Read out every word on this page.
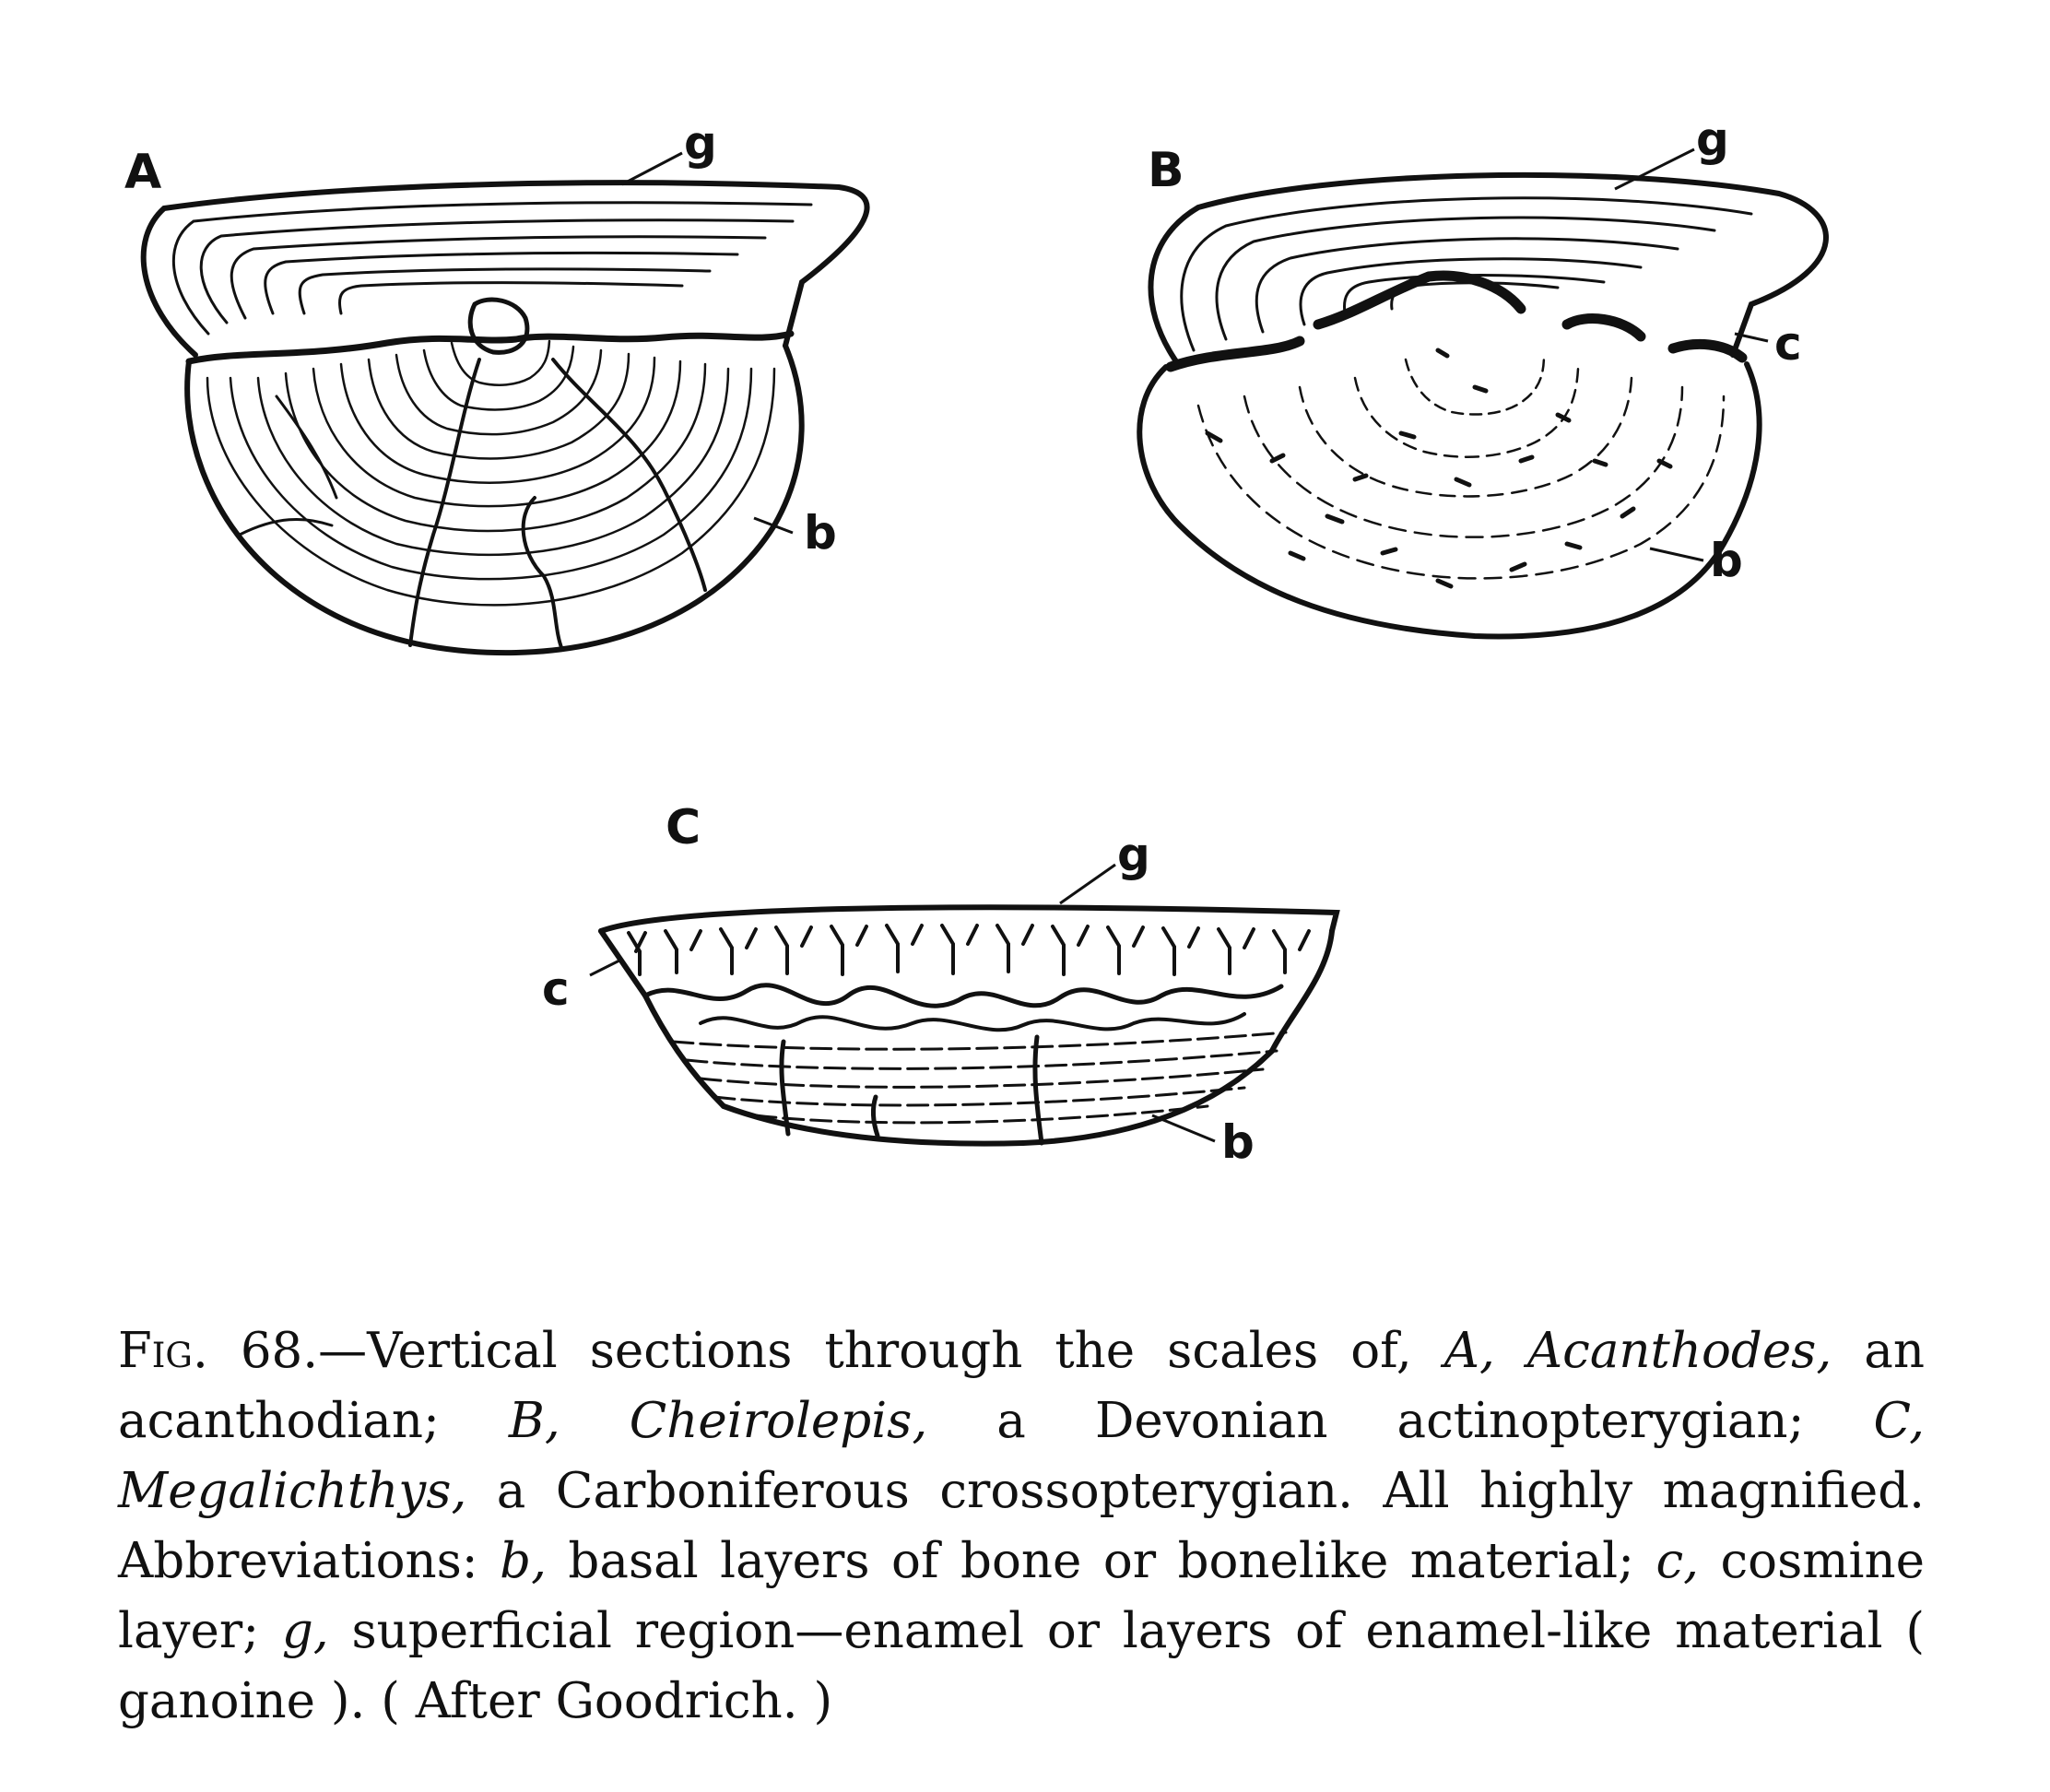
A
g
b
B
g
c
b
C	g
c
b

Fig. 68.—Vertical sections through the scales of, A, Acanthodes, an acanthodian; B, Cheirolepis, a Devonian actinopterygian; C, Megalichthys, a Carboniferous crossopterygian. All highly magnified. Abbreviations: b, basal layers of bone or bonelike material; c, cosmine layer; g, superficial region—enamel or layers of enamel-like material ( ganoine ). ( After Goodrich. )
